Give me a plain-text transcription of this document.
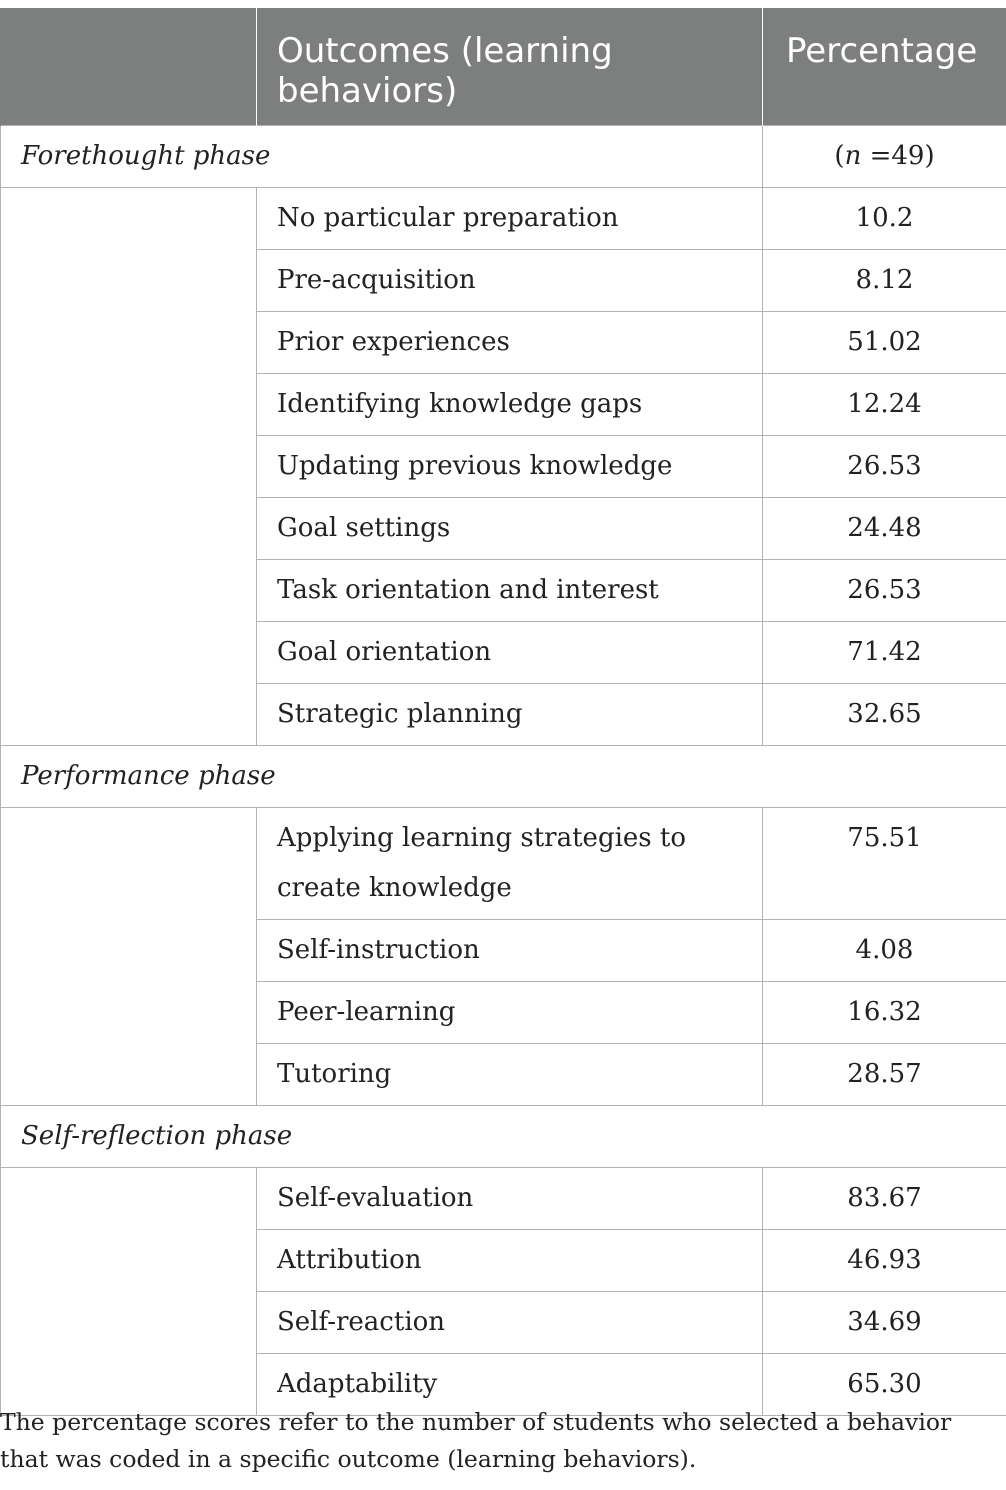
	Outcomes (learning behaviors)	Percentage
Forethought phase		(n =49)
	No particular preparation	10.2
	Pre-acquisition	8.12
	Prior experiences	51.02
	Identifying knowledge gaps	12.24
	Updating previous knowledge	26.53
	Goal settings	24.48
	Task orientation and interest	26.53
	Goal orientation	71.42
	Strategic planning	32.65
Performance phase		
	Applying learning strategies to create knowledge	75.51
	Self-instruction	4.08
	Peer-learning	16.32
	Tutoring	28.57
Self-reflection phase		
	Self-evaluation	83.67
	Attribution	46.93
	Self-reaction	34.69
	Adaptability	65.30

The percentage scores refer to the number of students who selected a behavior that was coded in a specific outcome (learning behaviors).
